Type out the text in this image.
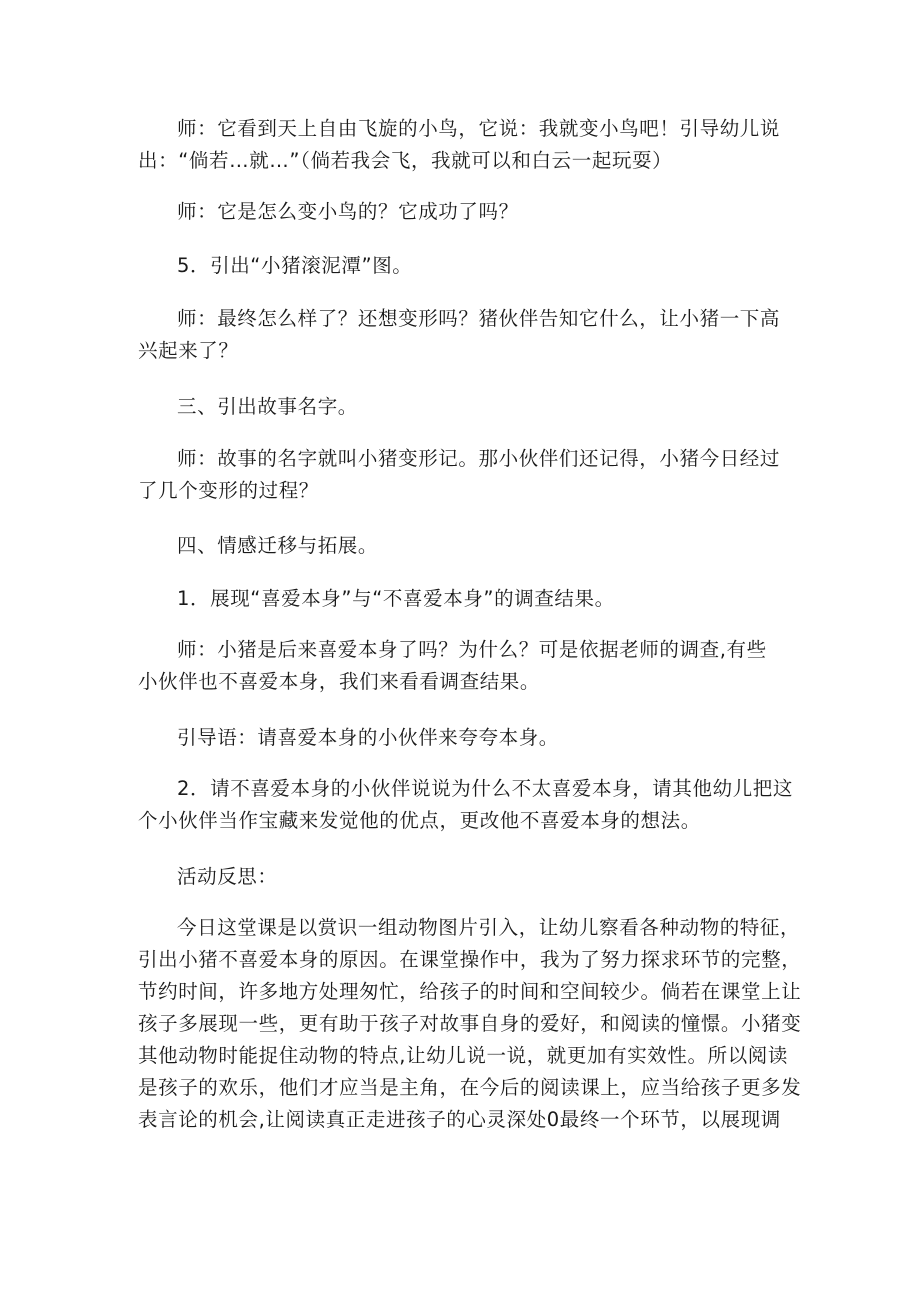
师：它看到天上自由飞旋的小鸟，它说：我就变小鸟吧！引导幼儿说
出：“倘若…就…”（倘若我会飞，我就可以和白云一起玩耍）
师：它是怎么变小鸟的？它成功了吗？
5．引出“小猪滚泥潭”图。
师：最终怎么样了？还想变形吗？猪伙伴告知它什么，让小猪一下高
兴起来了？
三、引出故事名字。
师：故事的名字就叫小猪变形记。那小伙伴们还记得，小猪今日经过
了几个变形的过程？
四、情感迁移与拓展。
1．展现“喜爱本身”与“不喜爱本身”的调查结果。
师：小猪是后来喜爱本身了吗？为什么？可是依据老师的调查,有些
小伙伴也不喜爱本身，我们来看看调查结果。
引导语：请喜爱本身的小伙伴来夸夸本身。
2．请不喜爱本身的小伙伴说说为什么不太喜爱本身，请其他幼儿把这
个小伙伴当作宝藏来发觉他的优点，更改他不喜爱本身的想法。
活动反思：
今日这堂课是以赏识一组动物图片引入，让幼儿察看各种动物的特征，
引出小猪不喜爱本身的原因。在课堂操作中，我为了努力探求环节的完整，
节约时间，许多地方处理匆忙，给孩子的时间和空间较少。倘若在课堂上让
孩子多展现一些，更有助于孩子对故事自身的爱好，和阅读的憧憬。小猪变
其他动物时能捉住动物的特点,让幼儿说一说，就更加有实效性。所以阅读
是孩子的欢乐，他们才应当是主角，在今后的阅读课上，应当给孩子更多发
表言论的机会,让阅读真正走进孩子的心灵深处0最终一个环节，以展现调
